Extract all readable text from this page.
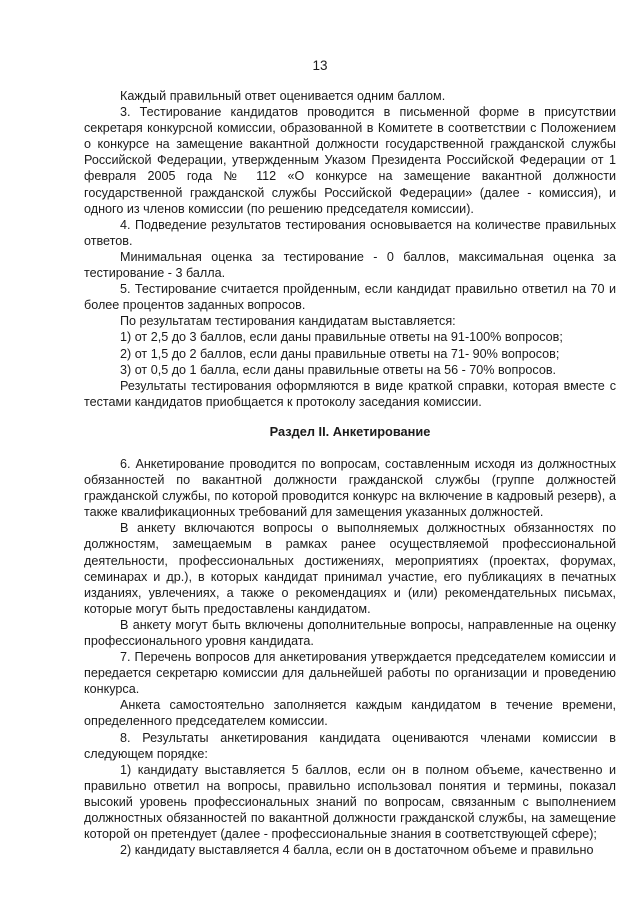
13

Каждый правильный ответ оценивается одним баллом.

3. Тестирование кандидатов проводится в письменной форме в присутствии секретаря конкурсной комиссии, образованной в Комитете в соответствии с Положением о конкурсе на замещение вакантной должности государственной гражданской службы Российской Федерации, утвержденным Указом Президента Российской Федерации от 1 февраля 2005 года № 112 «О конкурсе на замещение вакантной должности государственной гражданской службы Российской Федерации» (далее - комиссия), и одного из членов комиссии (по решению председателя комиссии).

4. Подведение результатов тестирования основывается на количестве правильных ответов.

Минимальная оценка за тестирование - 0 баллов, максимальная оценка за тестирование - 3 балла.

5. Тестирование считается пройденным, если кандидат правильно ответил на 70 и более процентов заданных вопросов.

По результатам тестирования кандидатам выставляется:

1) от 2,5 до 3 баллов, если даны правильные ответы на 91-100% вопросов;

2) от 1,5 до 2 баллов, если даны правильные ответы на 71- 90% вопросов;

3) от 0,5 до 1 балла, если даны правильные ответы на 56 - 70% вопросов.

Результаты тестирования оформляются в виде краткой справки, которая вместе с тестами кандидатов приобщается к протоколу заседания комиссии.

Раздел II. Анкетирование

6. Анкетирование проводится по вопросам, составленным исходя из должностных обязанностей по вакантной должности гражданской службы (группе должностей гражданской службы, по которой проводится конкурс на включение в кадровый резерв), а также квалификационных требований для замещения указанных должностей.

В анкету включаются вопросы о выполняемых должностных обязанностях по должностям, замещаемым в рамках ранее осуществляемой профессиональной деятельности, профессиональных достижениях, мероприятиях (проектах, форумах, семинарах и др.), в которых кандидат принимал участие, его публикациях в печатных изданиях, увлечениях, а также о рекомендациях и (или) рекомендательных письмах, которые могут быть предоставлены кандидатом.

В анкету могут быть включены дополнительные вопросы, направленные на оценку профессионального уровня кандидата.

7. Перечень вопросов для анкетирования утверждается председателем комиссии и передается секретарю комиссии для дальнейшей работы по организации и проведению конкурса.

Анкета самостоятельно заполняется каждым кандидатом в течение времени, определенного председателем комиссии.

8. Результаты анкетирования кандидата оцениваются членами комиссии в следующем порядке:

1) кандидату выставляется 5 баллов, если он в полном объеме, качественно и правильно ответил на вопросы, правильно использовал понятия и термины, показал высокий уровень профессиональных знаний по вопросам, связанным с выполнением должностных обязанностей по вакантной должности гражданской службы, на замещение которой он претендует (далее - профессиональные знания в соответствующей сфере);

2) кандидату выставляется 4 балла, если он в достаточном объеме и правильно
